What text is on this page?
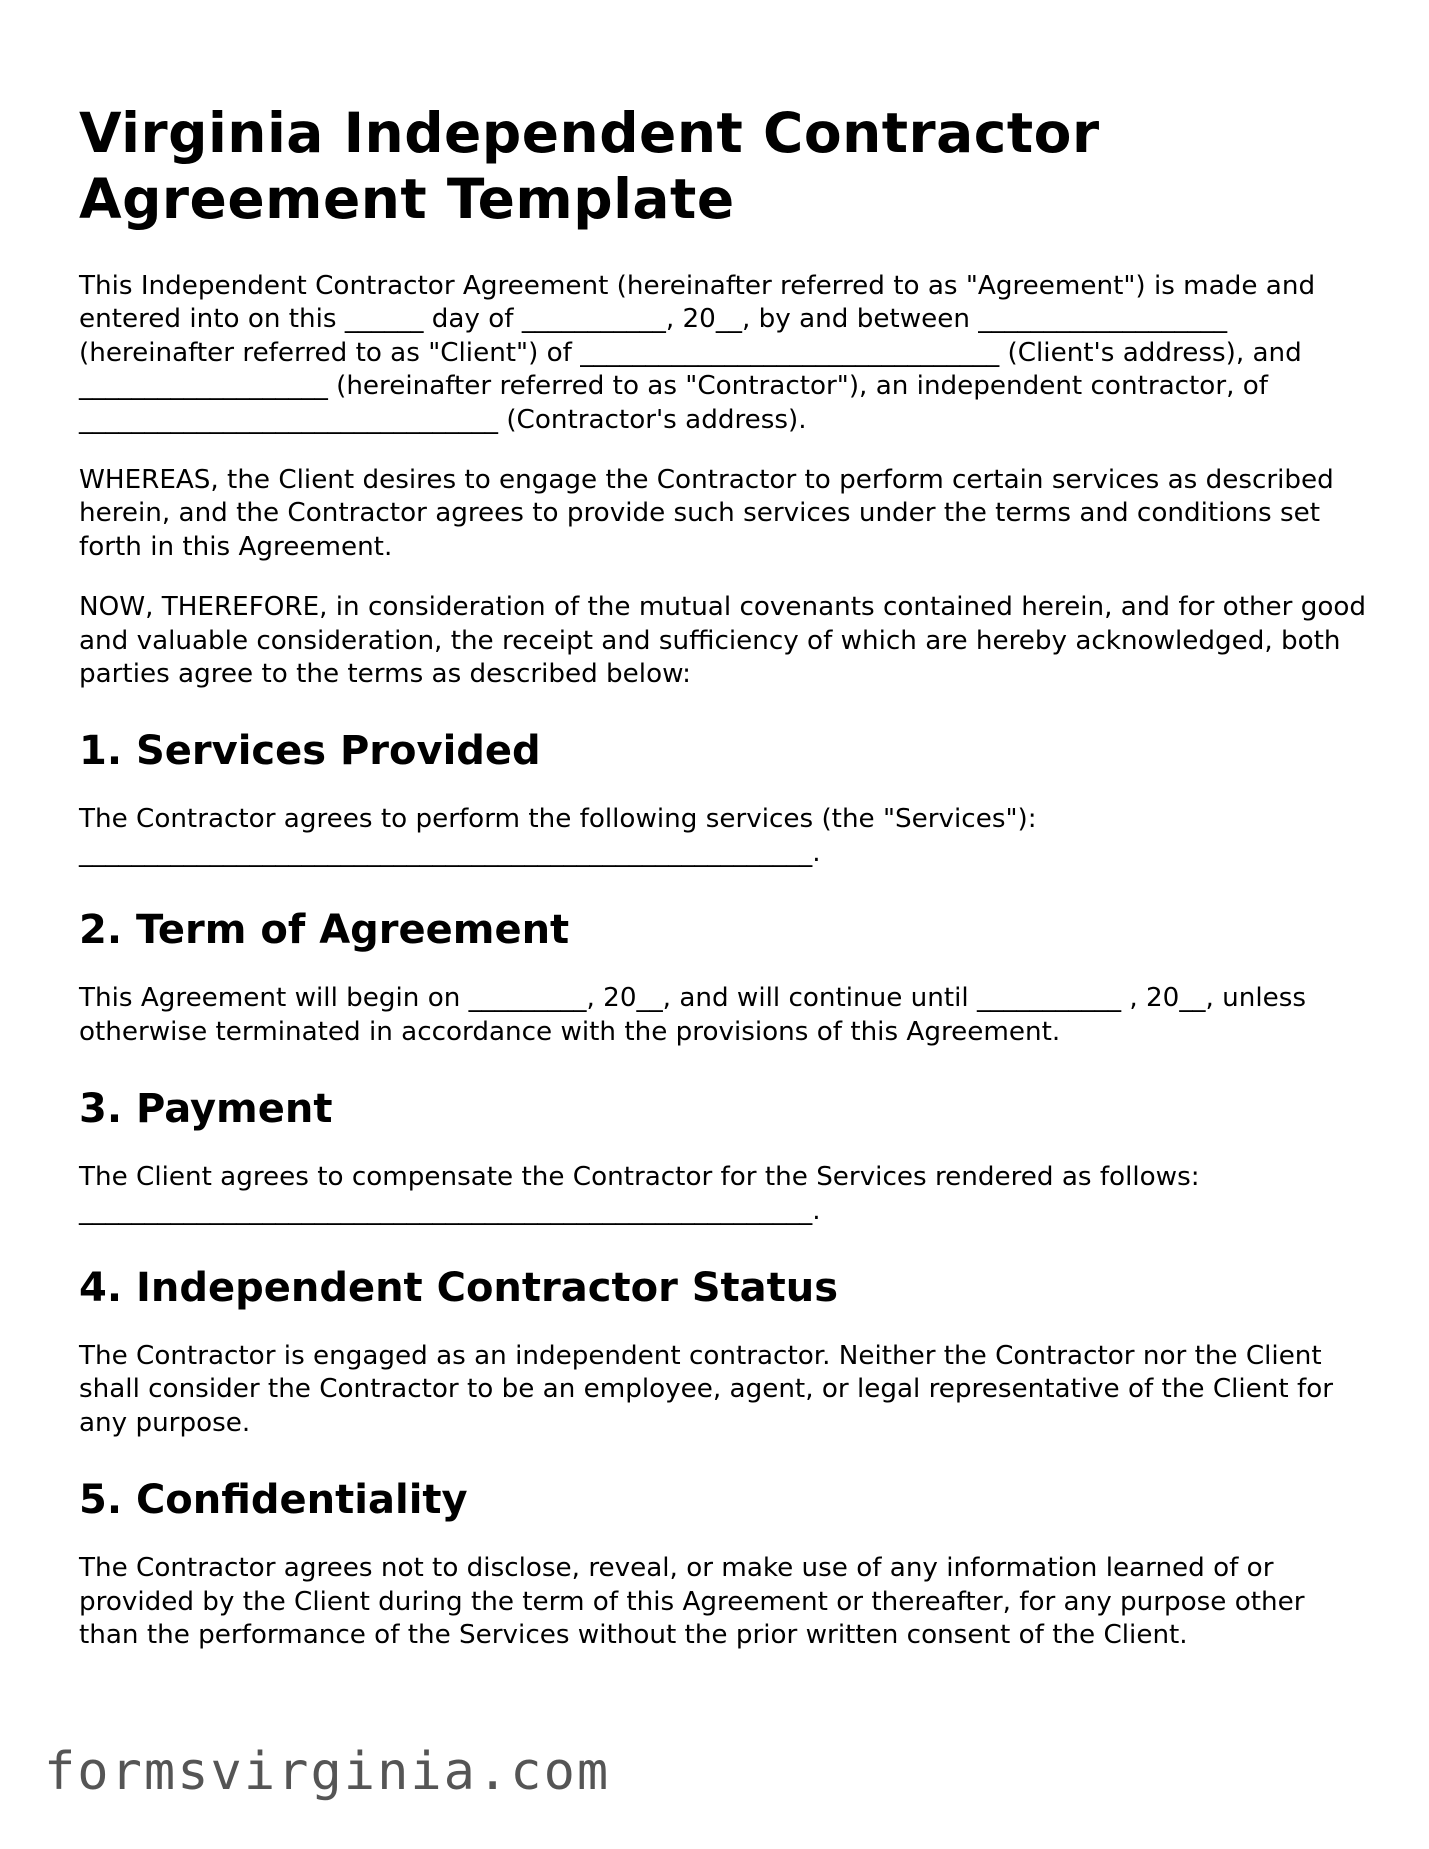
Virginia Independent Contractor Agreement Template

This Independent Contractor Agreement (hereinafter referred to as "Agreement") is made and entered into on this ______ day of ___________, 20__, by and between ___________________ (hereinafter referred to as "Client") of ________________________________ (Client's address), and ___________________ (hereinafter referred to as "Contractor"), an independent contractor, of ________________________________ (Contractor's address).

WHEREAS, the Client desires to engage the Contractor to perform certain services as described herein, and the Contractor agrees to provide such services under the terms and conditions set forth in this Agreement.

NOW, THEREFORE, in consideration of the mutual covenants contained herein, and for other good and valuable consideration, the receipt and sufficiency of which are hereby acknowledged, both parties agree to the terms as described below:

1. Services Provided

The Contractor agrees to perform the following services (the "Services"): ________________________________________________________.

2. Term of Agreement

This Agreement will begin on _________, 20__, and will continue until ___________ , 20__, unless otherwise terminated in accordance with the provisions of this Agreement.

3. Payment

The Client agrees to compensate the Contractor for the Services rendered as follows: ________________________________________________________.

4. Independent Contractor Status

The Contractor is engaged as an independent contractor. Neither the Contractor nor the Client shall consider the Contractor to be an employee, agent, or legal representative of the Client for any purpose.

5. Confidentiality

The Contractor agrees not to disclose, reveal, or make use of any information learned of or provided by the Client during the term of this Agreement or thereafter, for any purpose other than the performance of the Services without the prior written consent of the Client.

formsvirginia.com
